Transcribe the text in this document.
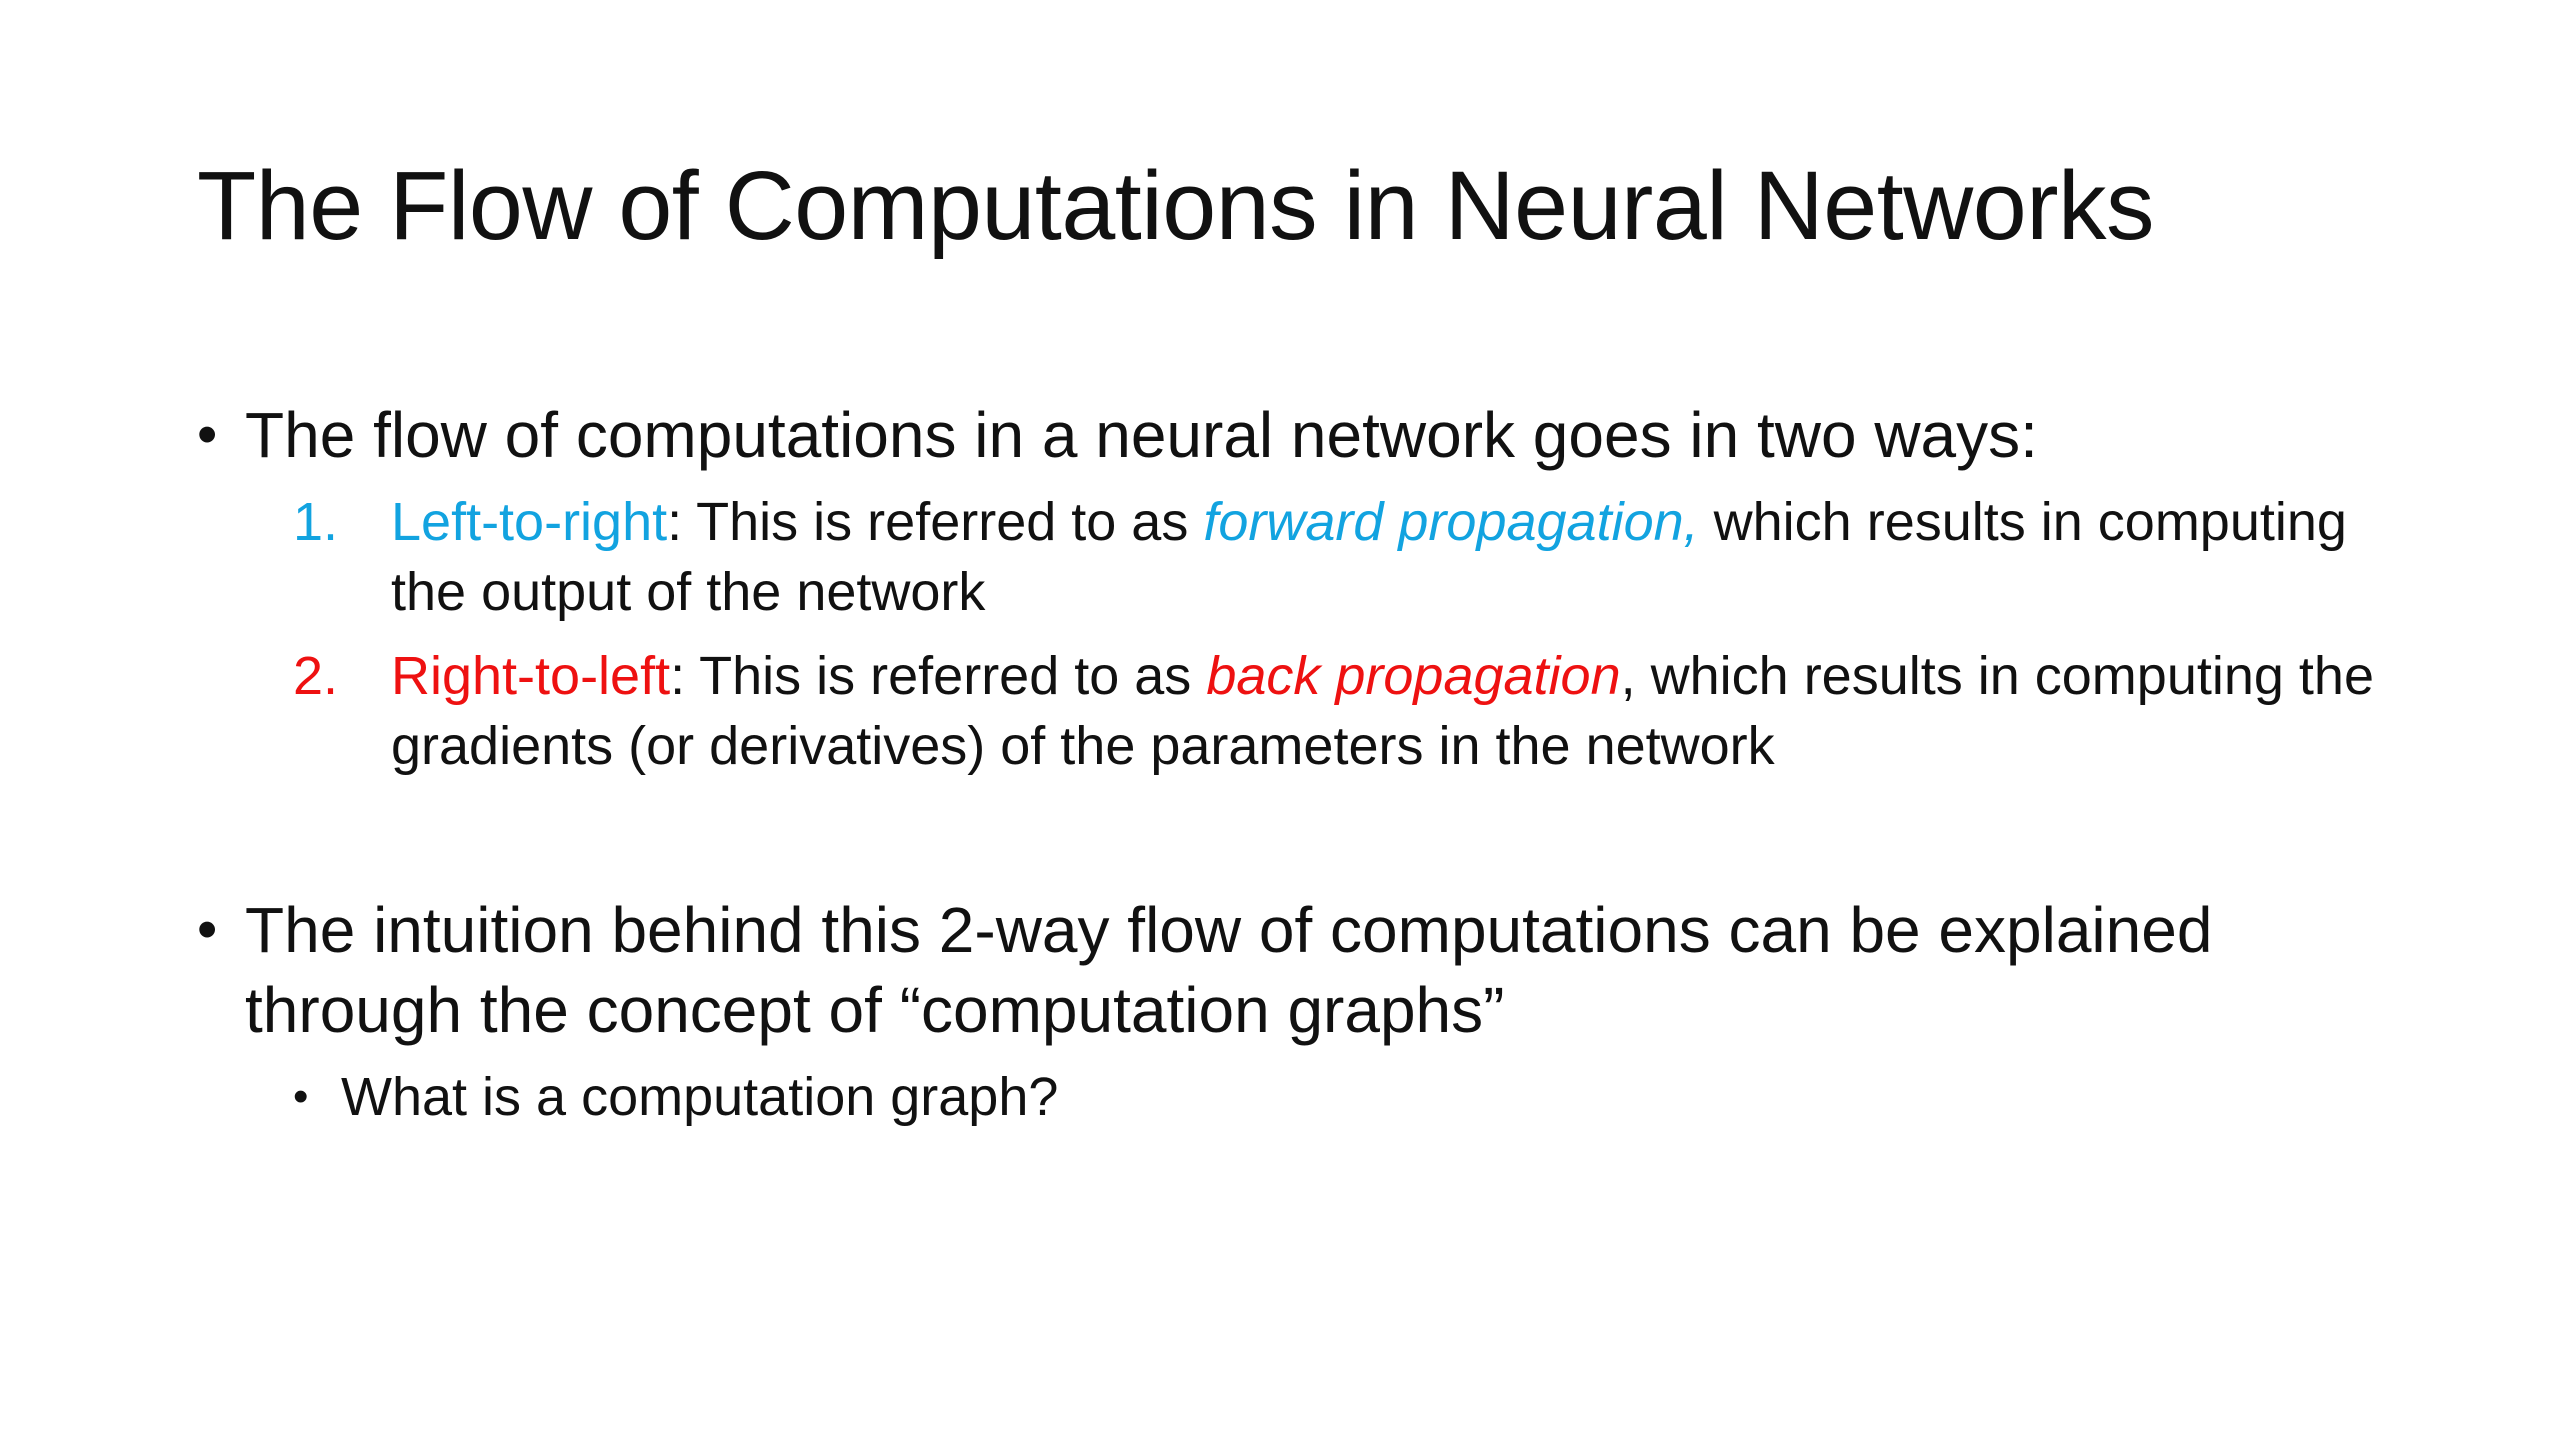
The Flow of Computations in Neural Networks
• The flow of computations in a neural network goes in two ways:
1. Left-to-right: This is referred to as forward propagation, which results in computing the output of the network
2. Right-to-left: This is referred to as back propagation, which results in computing the gradients (or derivatives) of the parameters in the network
• The intuition behind this 2-way flow of computations can be explained through the concept of “computation graphs”
• What is a computation graph?
